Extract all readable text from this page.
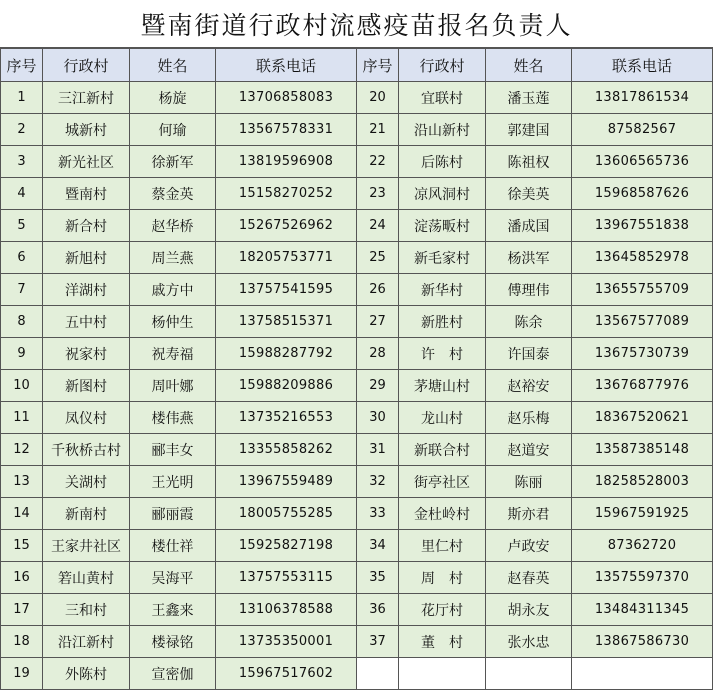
暨南街道行政村流感疫苗报名负责人
序号	行政村	姓名	联系电话	序号	行政村	姓名	联系电话
1	三江新村	杨旋	13706858083	20	宜联村	潘玉莲	13817861534
2	城新村	何瑜	13567578331	21	沿山新村	郭建国	87582567
3	新光社区	徐新军	13819596908	22	后陈村	陈祖权	13606565736
4	暨南村	蔡金英	15158270252	23	凉风洞村	徐美英	15968587626
5	新合村	赵华桥	15267526962	24	淀荡畈村	潘成国	13967551838
6	新旭村	周兰燕	18205753771	25	新毛家村	杨洪军	13645852978
7	洋湖村	戚方中	13757541595	26	新华村	傅理伟	13655755709
8	五中村	杨仲生	13758515371	27	新胜村	陈余	13567577089
9	祝家村	祝寿福	15988287792	28	许　村	许国泰	13675730739
10	新图村	周叶娜	15988209886	29	茅塘山村	赵裕安	13676877976
11	凤仪村	楼伟燕	13735216553	30	龙山村	赵乐梅	18367520621
12	千秋桥古村	郦丰女	13355858262	31	新联合村	赵道安	13587385148
13	关湖村	王光明	13967559489	32	街亭社区	陈丽	18258528003
14	新南村	郦丽霞	18005755285	33	金杜岭村	斯亦君	15967591925
15	王家井社区	楼仕祥	15925827198	34	里仁村	卢政安	87362720
16	箬山黄村	吴海平	13757553115	35	周　村	赵春英	13575597370
17	三和村	王鑫来	13106378588	36	花厅村	胡永友	13484311345
18	沿江新村	楼禄铭	13735350001	37	董　村	张水忠	13867586730
19	外陈村	宣密伽	15967517602				
